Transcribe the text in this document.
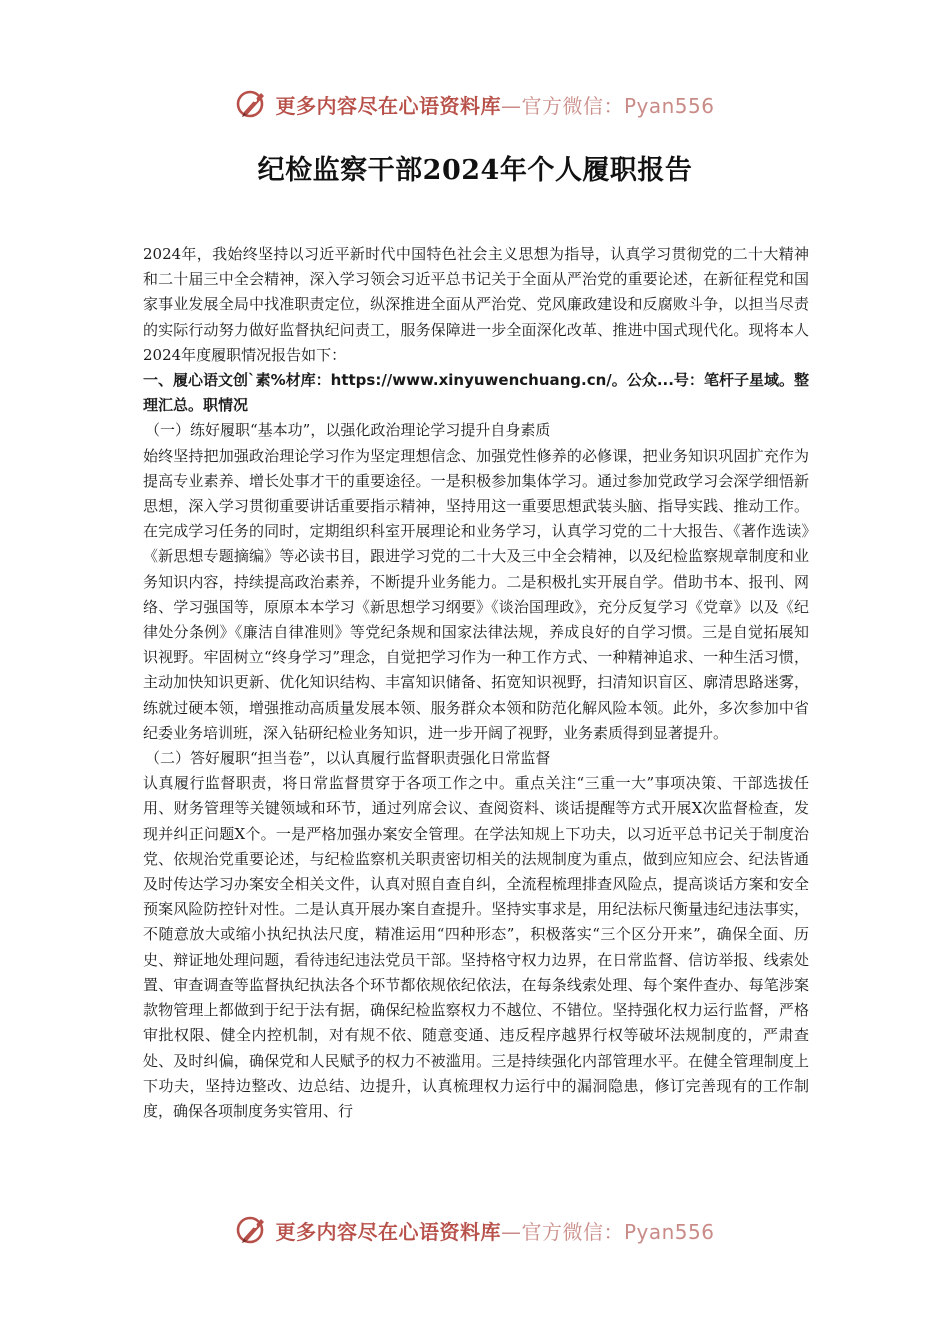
更多内容尽在心语资料库—官方微信：Pyan556
纪检监察干部2024年个人履职报告

2024年，我始终坚持以习近平新时代中国特色社会主义思想为指导，认真学习贯彻党的二十大精神和二十届三中全会精神，深入学习领会习近平总书记关于全面从严治党的重要论述，在新征程党和国家事业发展全局中找准职责定位，纵深推进全面从严治党、党风廉政建设和反腐败斗争，以担当尽责的实际行动努力做好监督执纪问责工，服务保障进一步全面深化改革、推进中国式现代化。现将本人2024年度履职情况报告如下：

一、履心语文创`素%材库：https://www.xinyuwenchuang.cn/。公众...号：笔杆子星域。整理汇总。职情况

（一）练好履职“基本功”，以强化政治理论学习提升自身素质

始终坚持把加强政治理论学习作为坚定理想信念、加强党性修养的必修课，把业务知识巩固扩充作为提高专业素养、增长处事才干的重要途径。一是积极参加集体学习。通过参加党政学习会深学细悟新思想，深入学习贯彻重要讲话重要指示精神，坚持用这一重要思想武装头脑、指导实践、推动工作。在完成学习任务的同时，定期组织科室开展理论和业务学习，认真学习党的二十大报告、《著作选读》《新思想专题摘编》等必读书目，跟进学习党的二十大及三中全会精神，以及纪检监察规章制度和业务知识内容，持续提高政治素养，不断提升业务能力。二是积极扎实开展自学。借助书本、报刊、网络、学习强国等，原原本本学习《新思想学习纲要》《谈治国理政》，充分反复学习《党章》以及《纪律处分条例》《廉洁自律准则》等党纪条规和国家法律法规，养成良好的自学习惯。三是自觉拓展知识视野。牢固树立“终身学习”理念，自觉把学习作为一种工作方式、一种精神追求、一种生活习惯，主动加快知识更新、优化知识结构、丰富知识储备、拓宽知识视野，扫清知识盲区、廓清思路迷雾，练就过硬本领，增强推动高质量发展本领、服务群众本领和防范化解风险本领。此外，多次参加中省纪委业务培训班，深入钻研纪检业务知识，进一步开阔了视野，业务素质得到显著提升。

（二）答好履职“担当卷”，以认真履行监督职责强化日常监督

认真履行监督职责，将日常监督贯穿于各项工作之中。重点关注“三重一大”事项决策、干部选拔任用、财务管理等关键领域和环节，通过列席会议、查阅资料、谈话提醒等方式开展X次监督检查，发现并纠正问题X个。一是严格加强办案安全管理。在学法知规上下功夫，以习近平总书记关于制度治党、依规治党重要论述，与纪检监察机关职责密切相关的法规制度为重点，做到应知应会、纪法皆通及时传达学习办案安全相关文件，认真对照自查自纠，全流程梳理排查风险点，提高谈话方案和安全预案风险防控针对性。二是认真开展办案自查提升。坚持实事求是，用纪法标尺衡量违纪违法事实，不随意放大或缩小执纪执法尺度，精准运用“四种形态”，积极落实“三个区分开来”，确保全面、历史、辩证地处理问题，看待违纪违法党员干部。坚持格守权力边界，在日常监督、信访举报、线索处置、审查调查等监督执纪执法各个环节都依规依纪依法，在每条线索处理、每个案件查办、每笔涉案款物管理上都做到于纪于法有据，确保纪检监察权力不越位、不错位。坚持强化权力运行监督，严格审批权限、健全内控机制，对有规不依、随意变通、违反程序越界行权等破坏法规制度的，严肃查处、及时纠偏，确保党和人民赋予的权力不被滥用。三是持续强化内部管理水平。在健全管理制度上下功夫，坚持边整改、边总结、边提升，认真梳理权力运行中的漏洞隐患，修订完善现有的工作制度，确保各项制度务实管用、行

更多内容尽在心语资料库—官方微信：Pyan556
